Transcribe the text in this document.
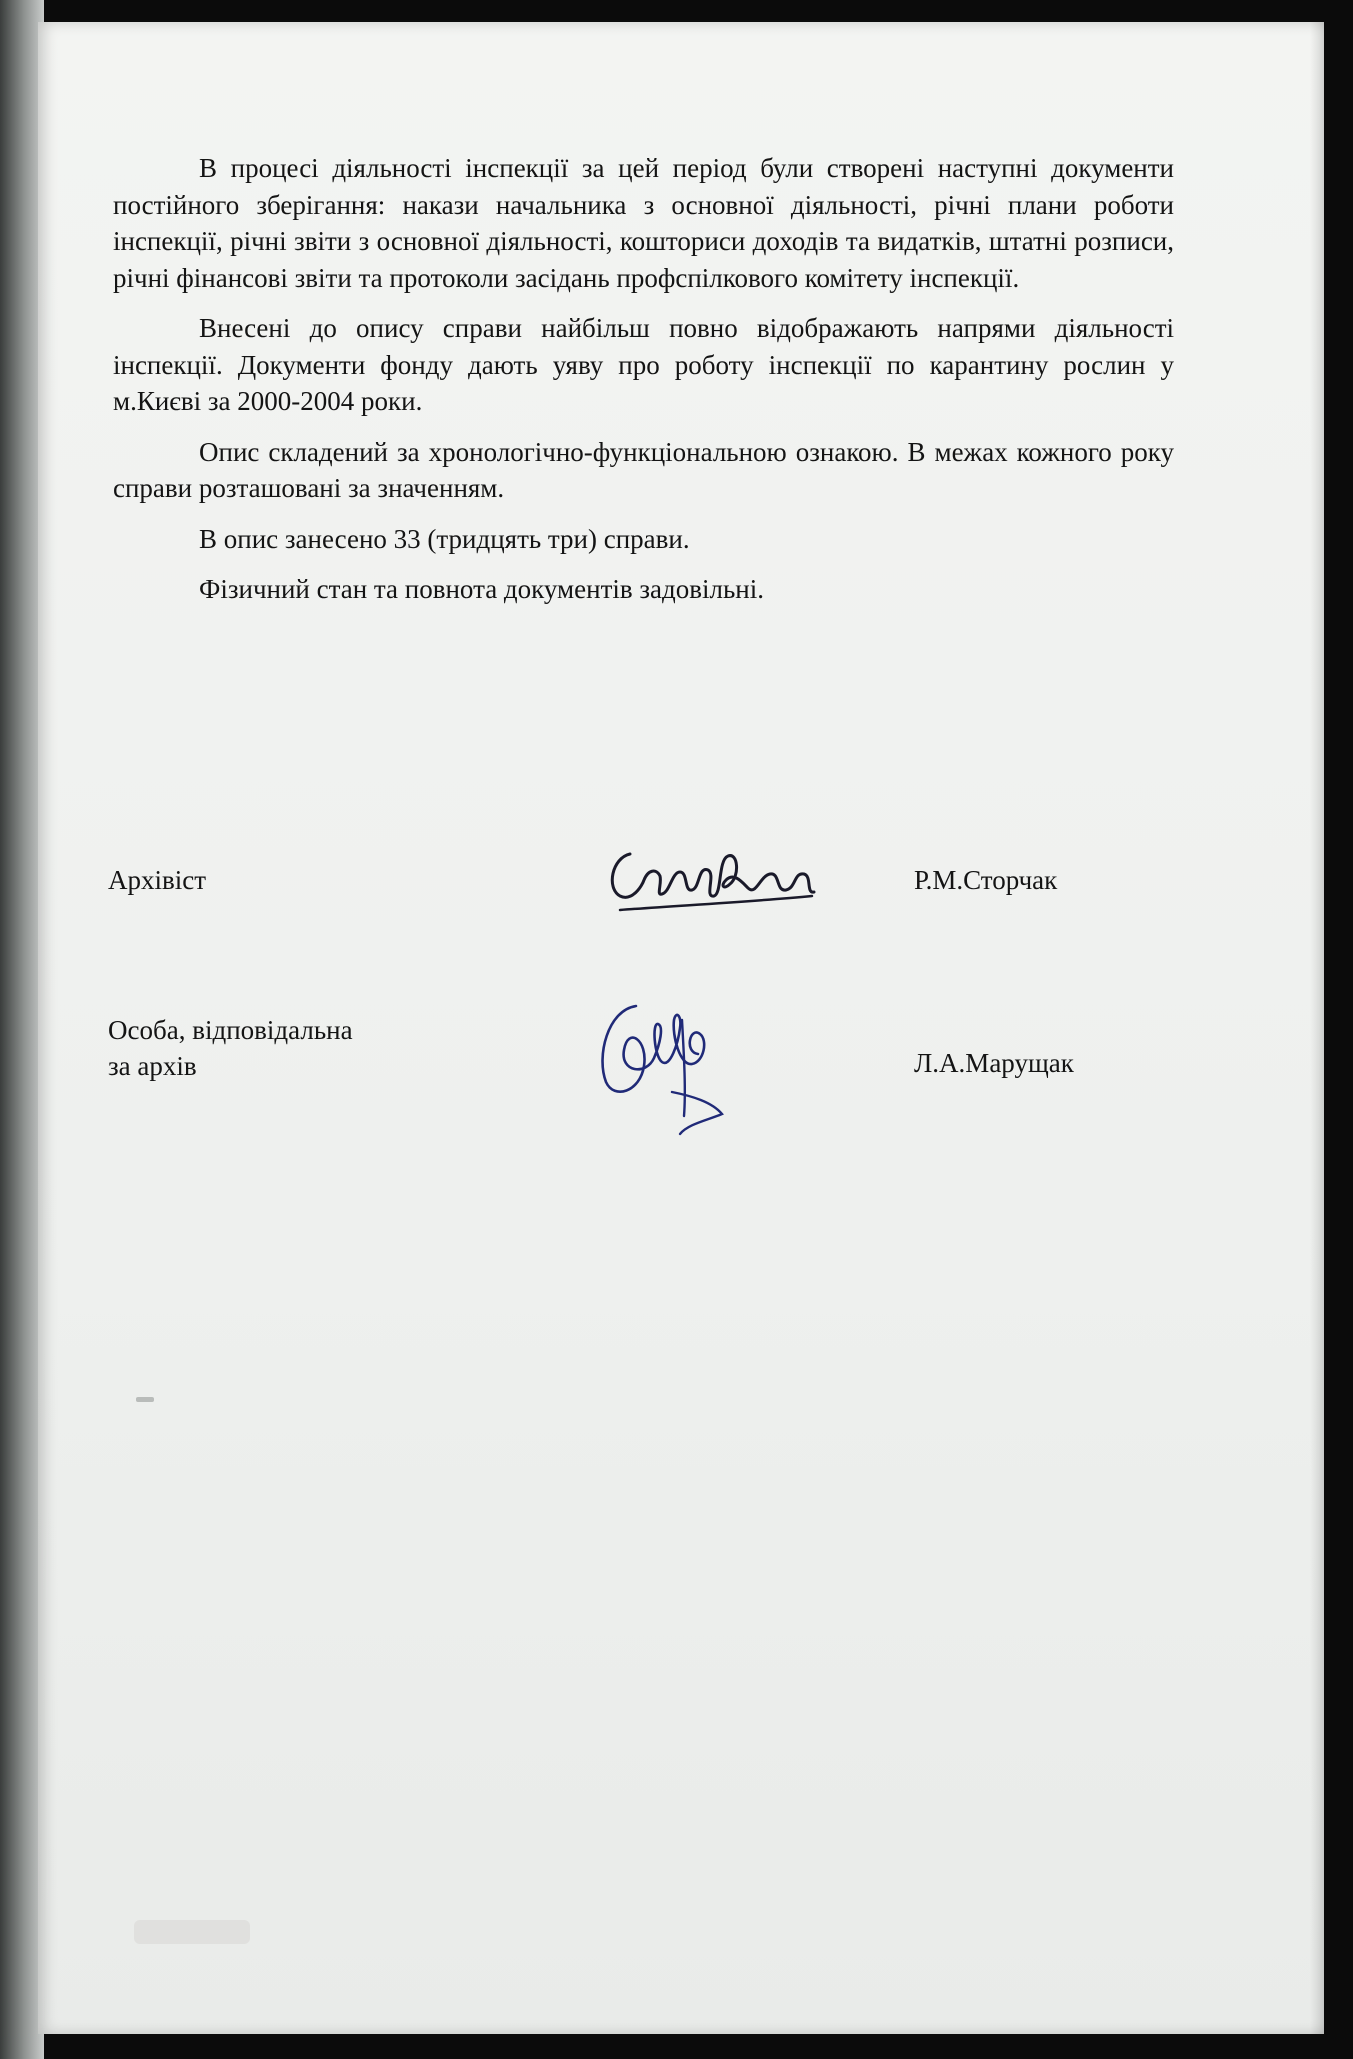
В процесі діяльності інспекції за цей період були створені наступні документи постійного зберігання: накази начальника з основної діяльності, річні плани роботи інспекції, річні звіти з основної діяльності, кошториси доходів та видатків, штатні розписи, річні фінансові звіти та протоколи засідань профспілкового комітету інспекції.

Внесені до опису справи найбільш повно відображають напрями діяльності інспекції. Документи фонду дають уяву про роботу інспекції по карантину рослин у м.Києві за 2000-2004 роки.

Опис складений за хронологічно-функціональною ознакою. В межах кожного року справи розташовані за значенням.

В опис занесено 33 (тридцять три) справи.

Фізичний стан та повнота документів задовільні.

Архівіст	Р.М.Сторчак
Особа, відповідальна
за архів	Л.А.Марущак
